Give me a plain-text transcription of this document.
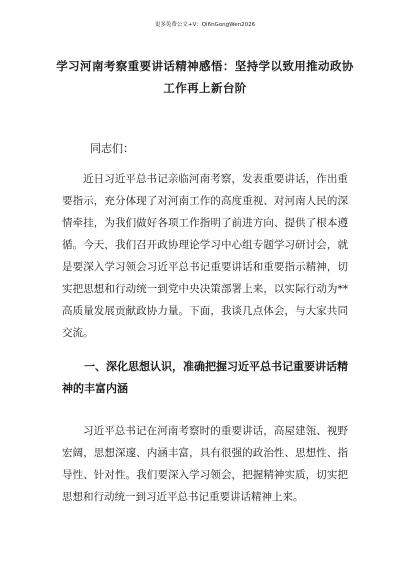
更多免费公文+V：Qi6nGongWen2026
学习河南考察重要讲话精神感悟：坚持学以致用推动政协
工作再上新台阶
同志们：

近日习近平总书记亲临河南考察，发表重要讲话，作出重要指示，充分体现了对河南工作的高度重视、对河南人民的深情牵挂，为我们做好各项工作指明了前进方向、提供了根本遵循。今天，我们召开政协理论学习中心组专题学习研讨会，就是要深入学习领会习近平总书记重要讲话和重要指示精神，切实把思想和行动统一到党中央决策部署上来，以实际行动为**高质量发展贡献政协力量。下面，我谈几点体会，与大家共同交流。

一、深化思想认识，准确把握习近平总书记重要讲话精神的丰富内涵

习近平总书记在河南考察时的重要讲话，高屋建瓴、视野宏阔，思想深邃、内涵丰富，具有很强的政治性、思想性、指导性、针对性。我们要深入学习领会，把握精神实质，切实把思想和行动统一到习近平总书记重要讲话精神上来。
